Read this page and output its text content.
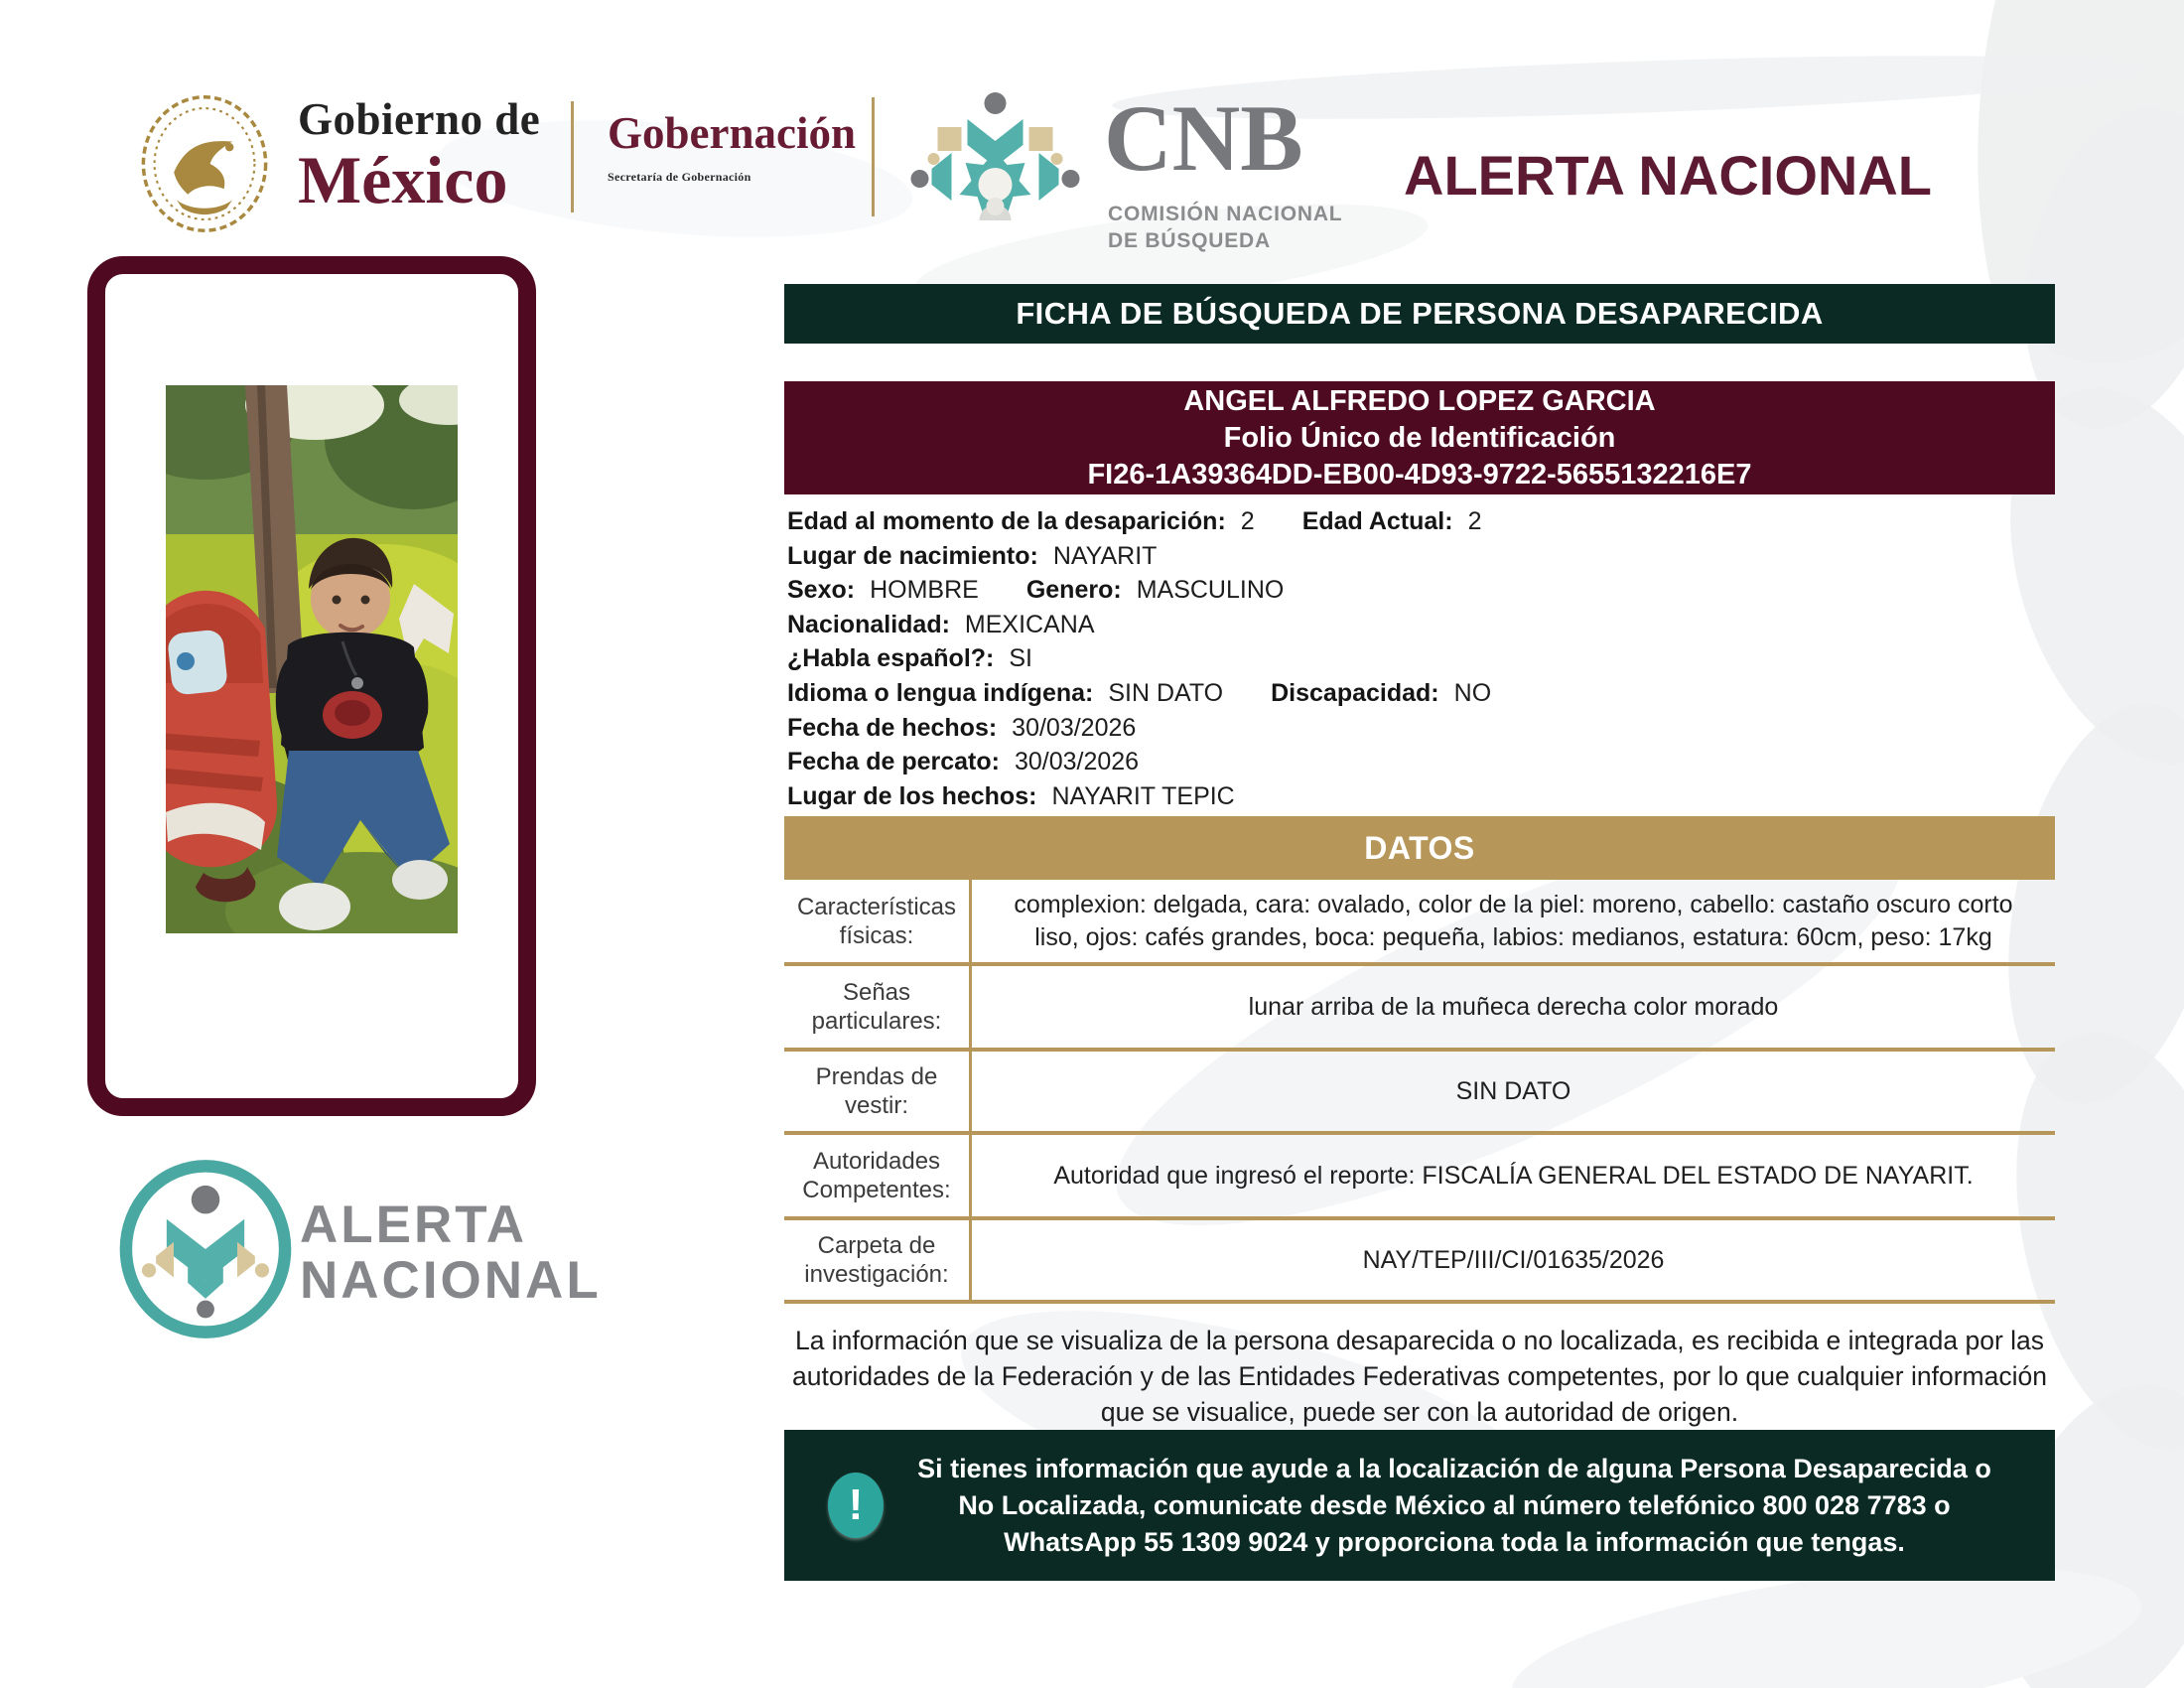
Gobierno de
México
Gobernación
Secretaría de Gobernación	CNB
COMISIÓN NACIONAL
DE BÚSQUEDA
ALERTA NACIONAL
FICHA DE BÚSQUEDA DE PERSONA DESAPARECIDA
ANGEL ALFREDO LOPEZ GARCIA
Folio Único de Identificación
FI26-1A39364DD-EB00-4D93-9722-5655132216E7
Edad al momento de la desaparición: 2 Edad Actual: 2
Lugar de nacimiento: NAYARIT
Sexo: HOMBRE Genero: MASCULINO
Nacionalidad: MEXICANA
¿Habla español?: SI
Idioma o lengua indígena: SIN DATO Discapacidad: NO
Fecha de hechos: 30/03/2026
Fecha de percato: 30/03/2026
Lugar de los hechos: NAYARIT TEPIC
DATOS
Características físicas:
complexion: delgada, cara: ovalado, color de la piel: moreno, cabello: castaño oscuro corto liso, ojos: cafés grandes, boca: pequeña, labios: medianos, estatura: 60cm, peso: 17kg
Señas particulares:
lunar arriba de la muñeca derecha color morado
Prendas de vestir:
SIN DATO
Autoridades Competentes:
Autoridad que ingresó el reporte: FISCALÍA GENERAL DEL ESTADO DE NAYARIT.
Carpeta de investigación:
NAY/TEP/III/CI/01635/2026
La información que se visualiza de la persona desaparecida o no localizada, es recibida e integrada por las autoridades de la Federación y de las Entidades Federativas competentes, por lo que cualquier información que se visualice, puede ser con la autoridad de origen.
!
Si tienes información que ayude a la localización de alguna Persona Desaparecida o No Localizada, comunicate desde México al número telefónico 800 028 7783 o WhatsApp 55 1309 9024 y proporciona toda la información que tengas.
ALERTA
NACIONAL
